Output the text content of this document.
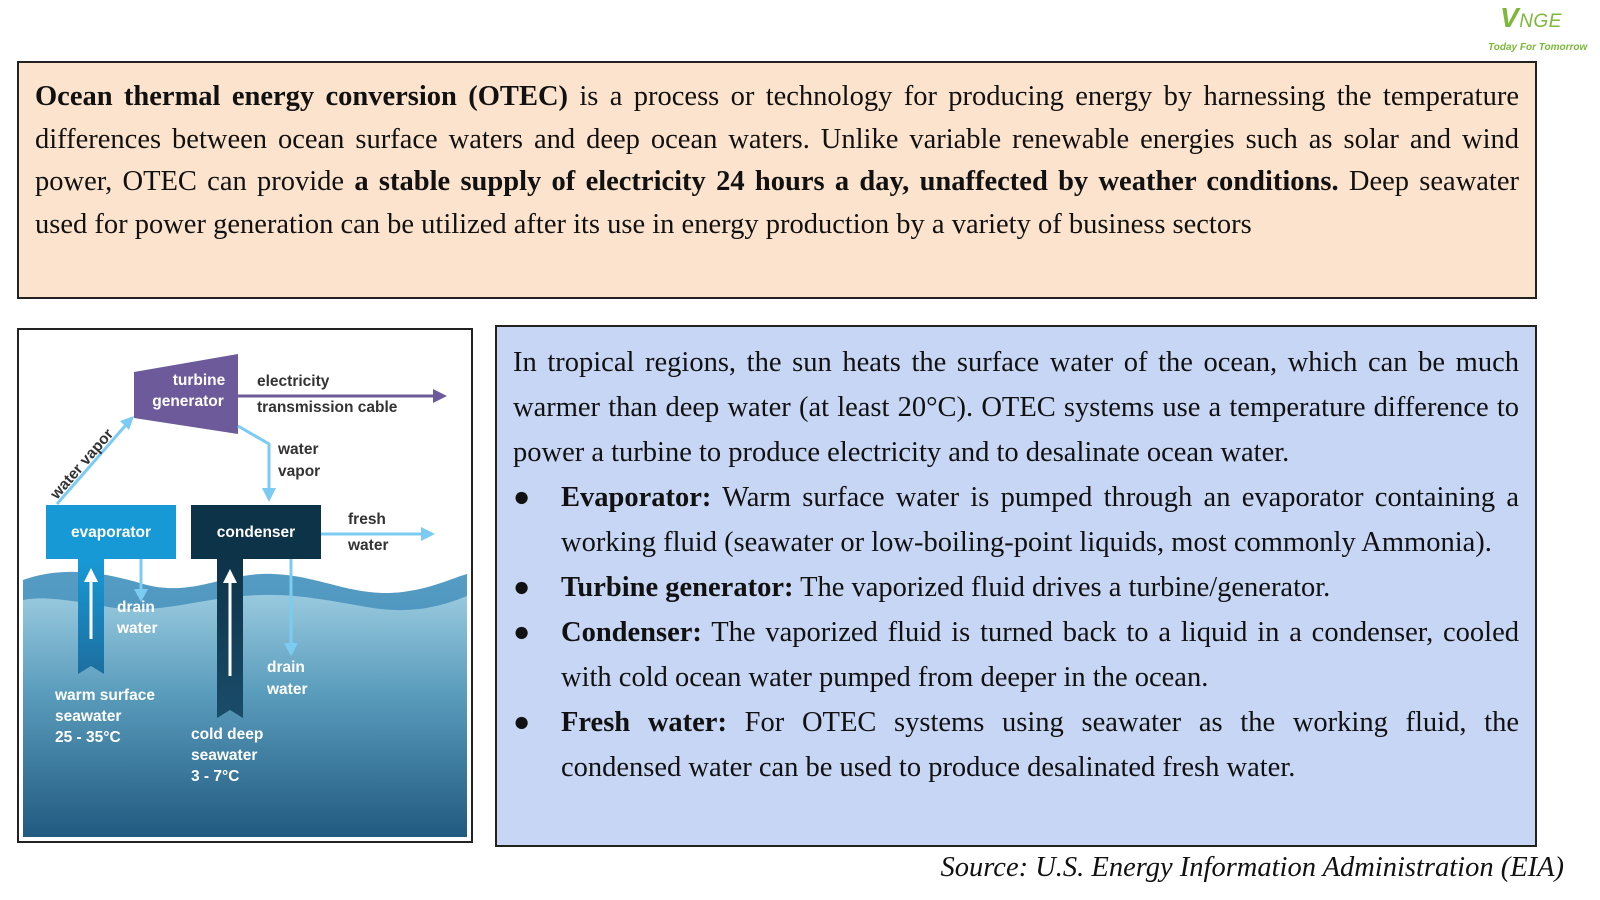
VNGE
Today For Tomorrow
Ocean thermal energy conversion (OTEC) is a process or technology for producing energy by harnessing the temperature differences between ocean surface waters and deep ocean waters. Unlike variable renewable energies such as solar and wind power, OTEC can provide a stable supply of electricity 24 hours a day, unaffected by weather conditions. Deep seawater used for power generation can be utilized after its use in energy production by a variety of business sectors
turbine
generator
electricity
transmission cable
water vapor	water
vapor
evaporator	condenser
fresh
water
drain
water
drain
water
warm surface
seawater
25 - 35°C	cold deep
seawater
3 - 7°C

In tropical regions, the sun heats the surface water of the ocean, which can be much warmer than deep water (at least 20°C). OTEC systems use a temperature difference to power a turbine to produce electricity and to desalinate ocean water.

●	Evaporator: Warm surface water is pumped through an evaporator containing a working fluid (seawater or low-boiling-point liquids, most commonly Ammonia).
●	Turbine generator: The vaporized fluid drives a turbine/generator.
●	Condenser: The vaporized fluid is turned back to a liquid in a condenser, cooled with cold ocean water pumped from deeper in the ocean.
●	Fresh water: For OTEC systems using seawater as the working fluid, the condensed water can be used to produce desalinated fresh water.
Source: U.S. Energy Information Administration (EIA)
